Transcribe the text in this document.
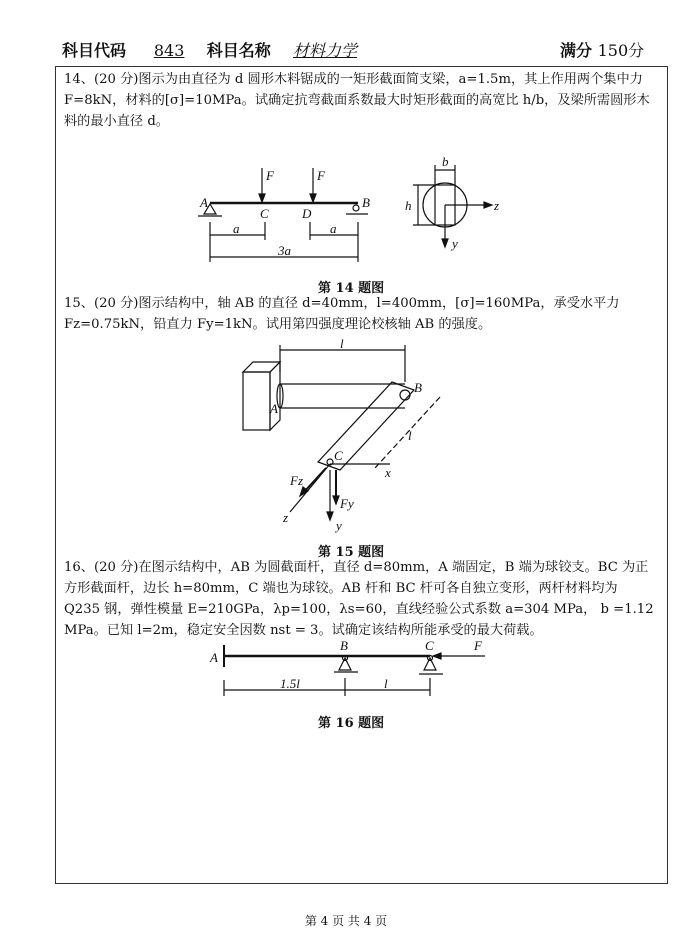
科目代码 843 科目名称 材料力学	满分 150分
14、(20 分)图示为由直径为 d 圆形木料锯成的一矩形截面简支梁，a=1.5m，其上作用两个集中力 F=8kN，材料的[σ]=10MPa。试确定抗弯截面系数最大时矩形截面的高宽比 h/b，及梁所需圆形木料的最小直径 d。
第 14 题图
15、(20 分)图示结构中，轴 AB 的直径 d=40mm，l=400mm，[σ]=160MPa，承受水平力 Fz=0.75kN，铅直力 Fy=1kN。试用第四强度理论校核轴 AB 的强度。
第 15 题图
16、(20 分)在图示结构中，AB 为圆截面杆，直径 d=80mm，A 端固定，B 端为球铰支。BC 为正方形截面杆，边长 h=80mm，C 端也为球铰。AB 杆和 BC 杆可各自独立变形，两杆材料均为 Q235 钢，弹性模量 E=210GPa，λp=100，λs=60，直线经验公式系数 a=304 MPa， b =1.12 MPa。已知 l=2m，稳定安全因数 nst = 3。试确定该结构所能承受的最大荷载。
第 16 题图
A	B
C	D
F	F
a	a
3a
b
h	z
y
l
l
A
B
C
x
z
y
Fz
Fy
A
B	C	F
1.5l	l
第 4 页 共 4 页
